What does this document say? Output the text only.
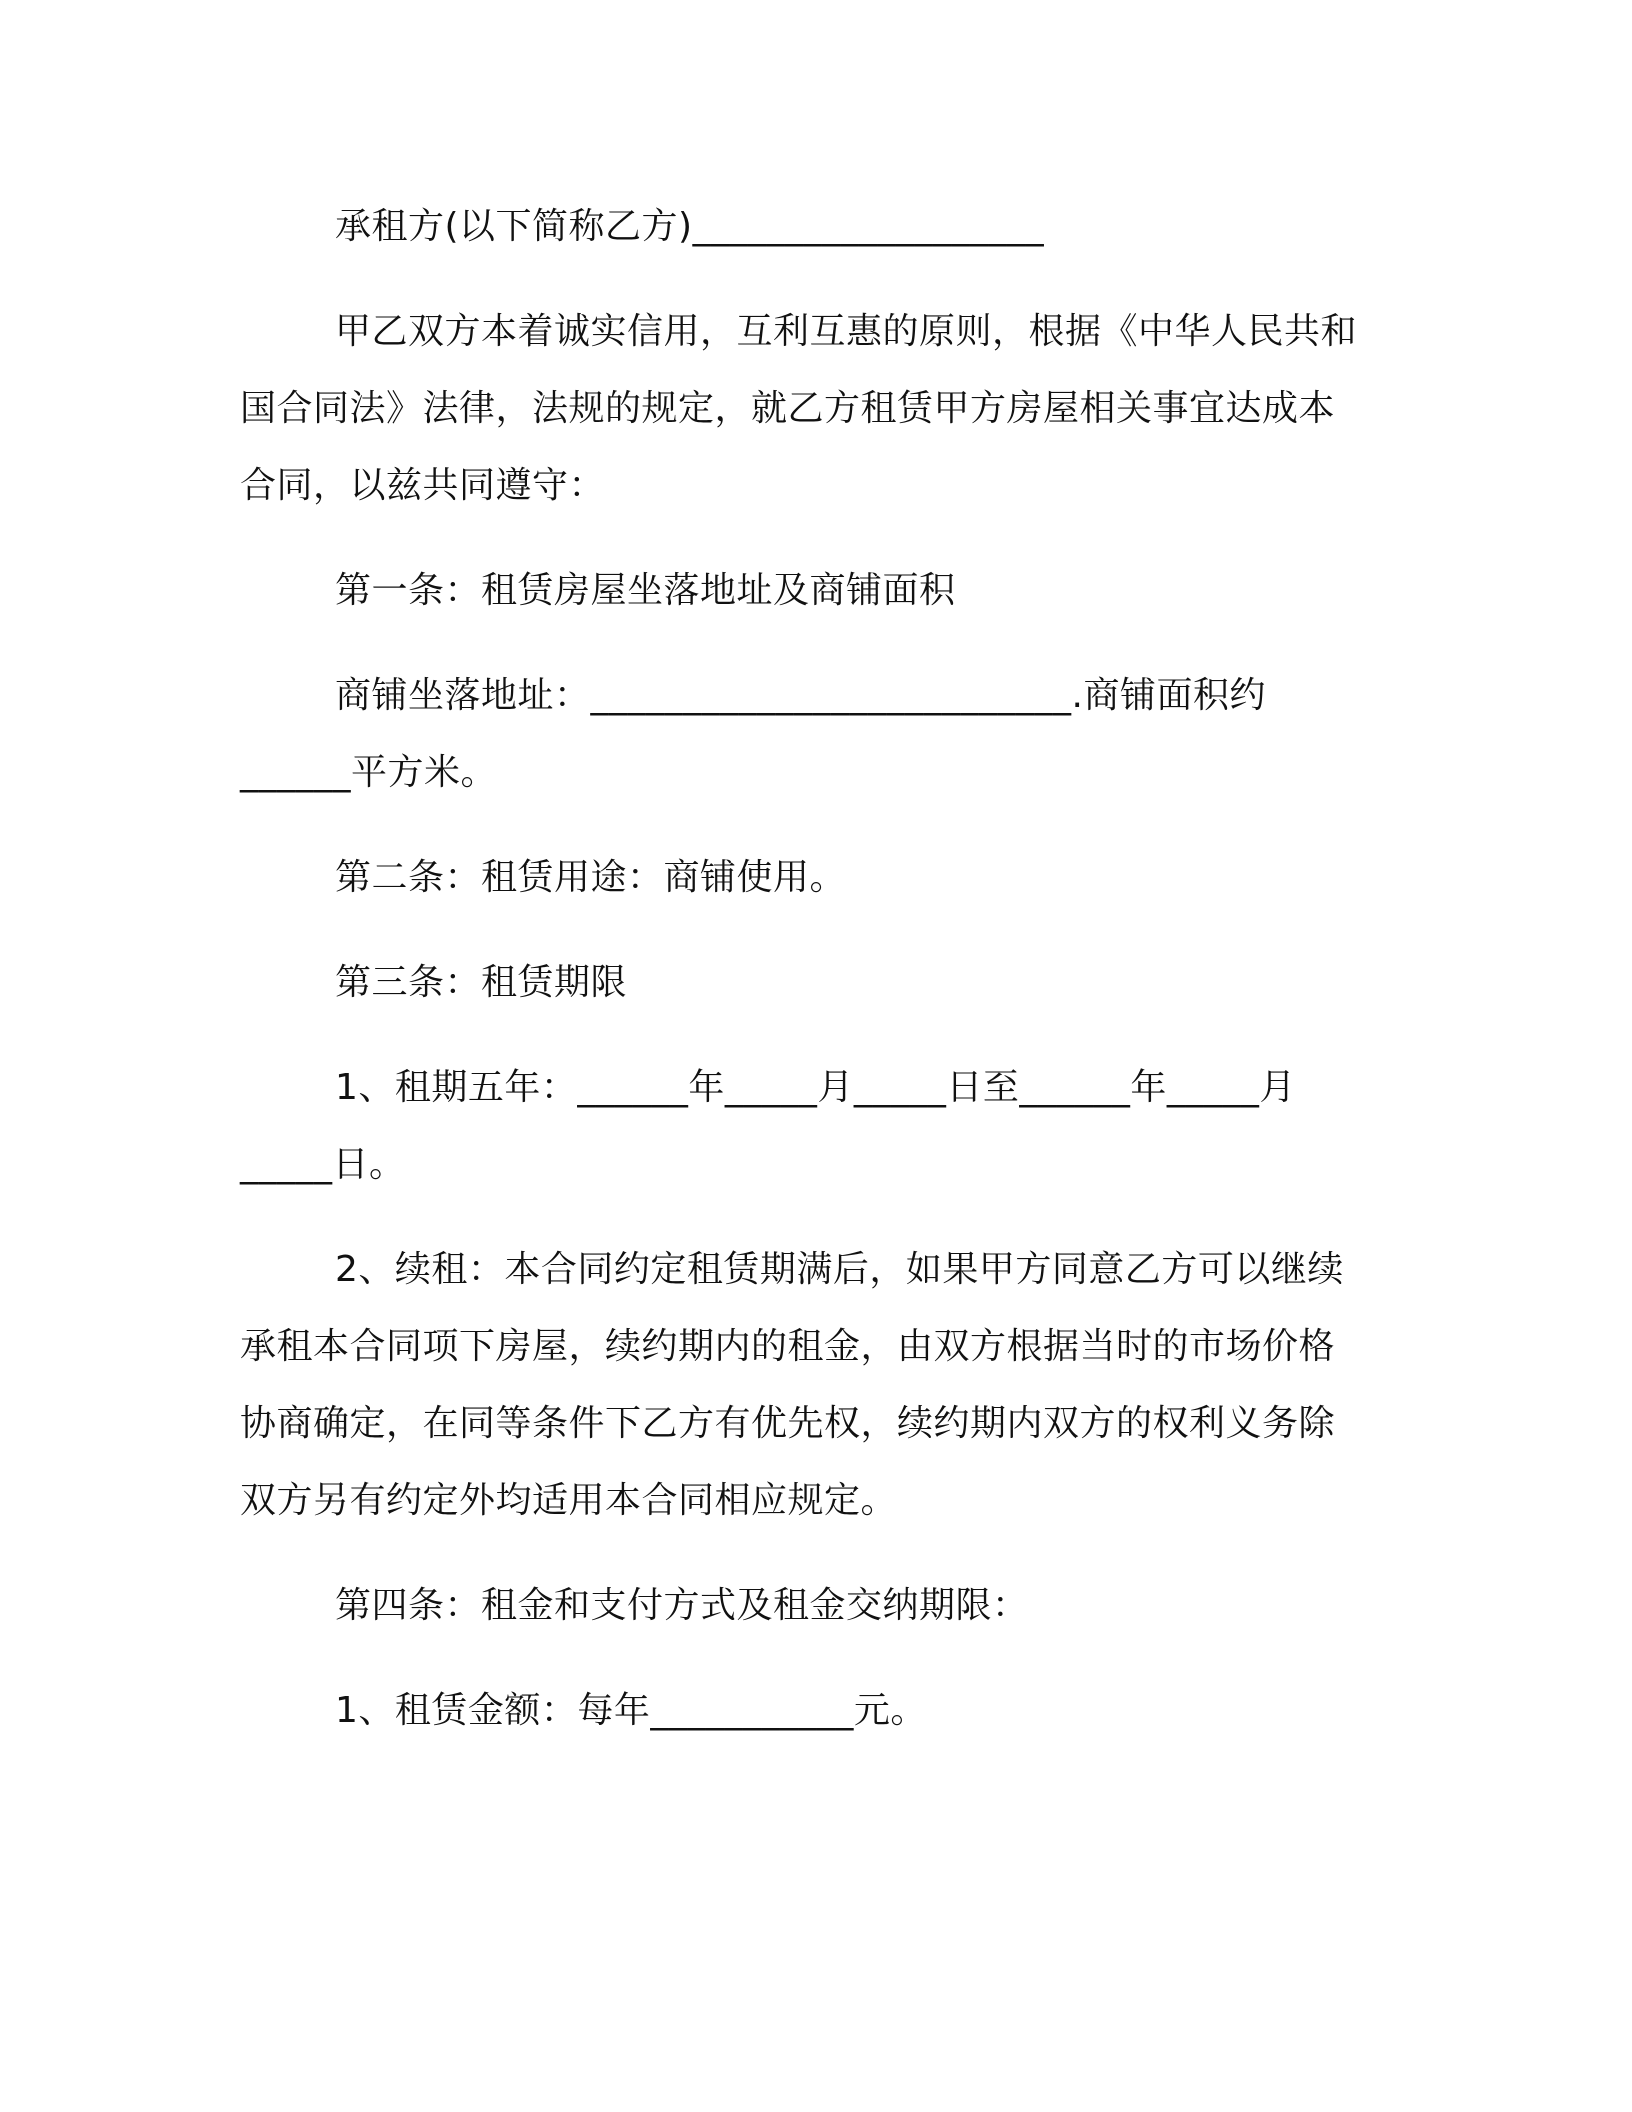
承租方(以下简称乙方)___________________

甲乙双方本着诚实信用，互利互惠的原则，根据《中华人民共和

国合同法》法律，法规的规定，就乙方租赁甲方房屋相关事宜达成本

合同，以兹共同遵守：

第一条：租赁房屋坐落地址及商铺面积

商铺坐落地址：__________________________.商铺面积约

______平方米。

第二条：租赁用途：商铺使用。

第三条：租赁期限

1、租期五年：______年_____月_____日至______年_____月

_____日。

2、续租：本合同约定租赁期满后，如果甲方同意乙方可以继续

承租本合同项下房屋，续约期内的租金，由双方根据当时的市场价格

协商确定，在同等条件下乙方有优先权，续约期内双方的权利义务除

双方另有约定外均适用本合同相应规定。

第四条：租金和支付方式及租金交纳期限：

1、租赁金额：每年___________元。
